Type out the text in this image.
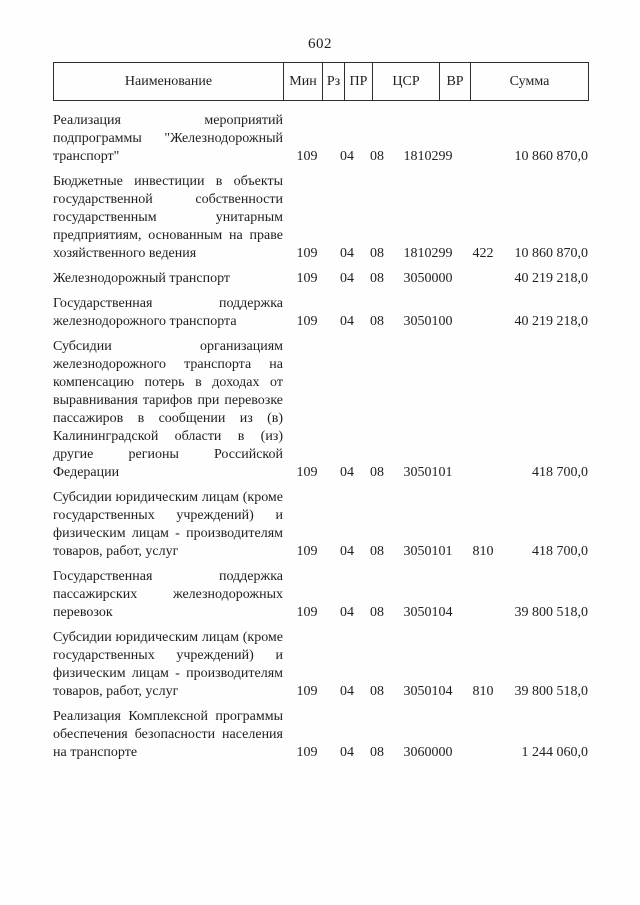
602
Наименование	Мин	Рз	ПР	ЦСР	ВР	Сумма
Реализация мероприятий подпрограммы "Железнодорожный транспорт"	109	04	08	1810299		10 860 870,0
Бюджетные инвестиции в объекты государственной собственности государственным унитарным предприятиям, основанным на праве хозяйственного ведения	109	04	08	1810299	422	10 860 870,0
Железнодорожный транспорт	109	04	08	3050000		40 219 218,0
Государственная поддержка железнодорожного транспорта	109	04	08	3050100		40 219 218,0
Субсидии организациям железнодорожного транспорта на компенсацию потерь в доходах от выравнивания тарифов при перевозке пассажиров в сообщении из (в) Калининградской области в (из) другие регионы Российской Федерации	109	04	08	3050101		418 700,0
Субсидии юридическим лицам (кроме государственных учреждений) и физическим лицам - производителям товаров, работ, услуг	109	04	08	3050101	810	418 700,0
Государственная поддержка пассажирских железнодорожных перевозок	109	04	08	3050104		39 800 518,0
Субсидии юридическим лицам (кроме государственных учреждений) и физическим лицам - производителям товаров, работ, услуг	109	04	08	3050104	810	39 800 518,0
Реализация Комплексной программы обеспечения безопасности населения на транспорте	109	04	08	3060000		1 244 060,0
